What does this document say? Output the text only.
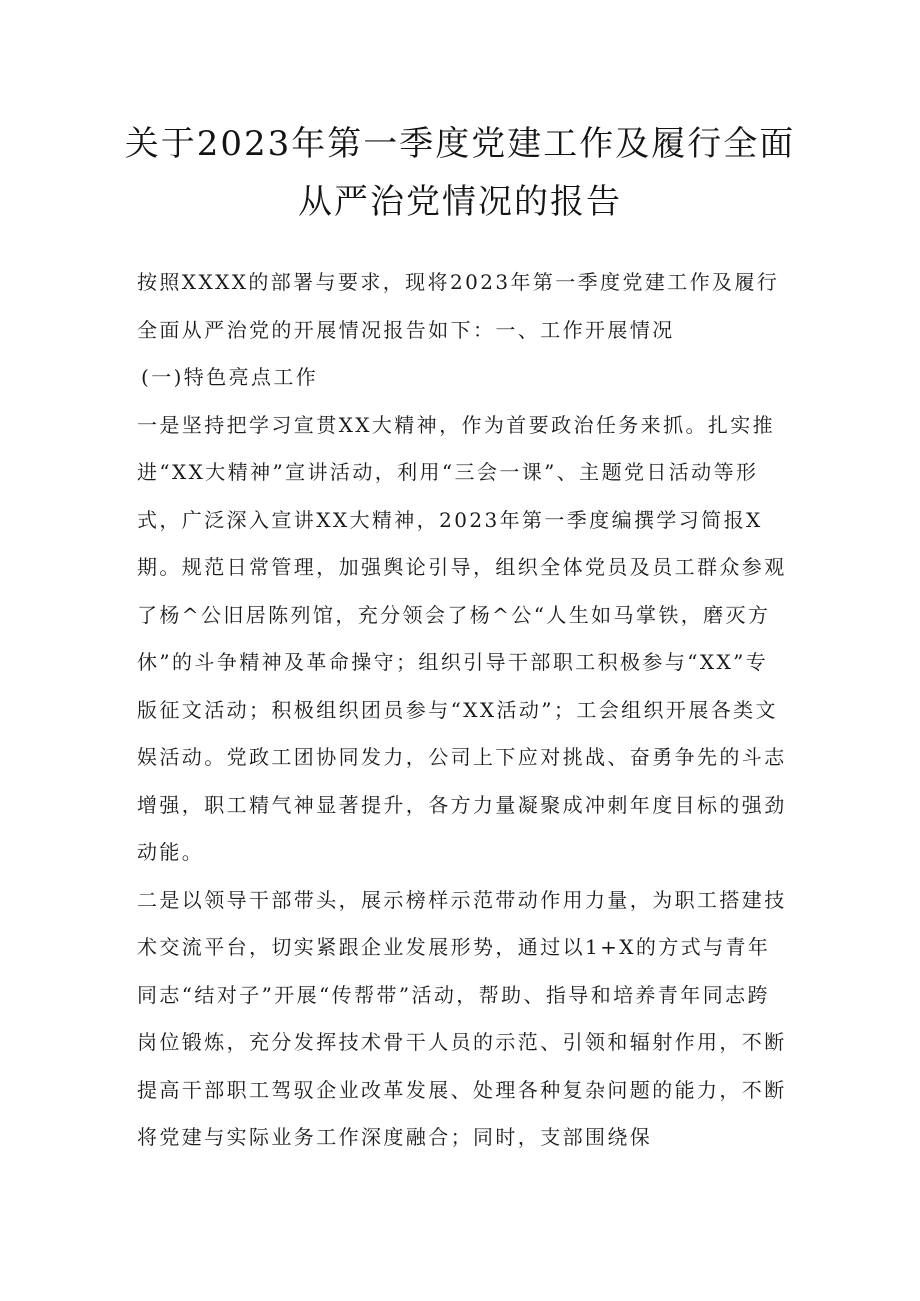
关于2023年第一季度党建工作及履行全面
从严治党情况的报告

按照XXXX的部署与要求，现将2023年第一季度党建工作及履行全面从严治党的开展情况报告如下：一、工作开展情况

(一)特色亮点工作

一是坚持把学习宣贯XX大精神，作为首要政治任务来抓。扎实推进“XX大精神”宣讲活动，利用“三会一课”、主题党日活动等形式，广泛深入宣讲XX大精神，2023年第一季度编撰学习简报X期。规范日常管理，加强舆论引导，组织全体党员及员工群众参观了杨^公旧居陈列馆，充分领会了杨^公“人生如马掌铁，磨灭方休”的斗争精神及革命操守；组织引导干部职工积极参与“XX”专版征文活动；积极组织团员参与“XX活动”；工会组织开展各类文娱活动。党政工团协同发力，公司上下应对挑战、奋勇争先的斗志增强，职工精气神显著提升，各方力量凝聚成冲刺年度目标的强劲动能。

二是以领导干部带头，展示榜样示范带动作用力量，为职工搭建技术交流平台，切实紧跟企业发展形势，通过以1+X的方式与青年同志“结对子”开展“传帮带”活动，帮助、指导和培养青年同志跨岗位锻炼，充分发挥技术骨干人员的示范、引领和辐射作用，不断提高干部职工驾驭企业改革发展、处理各种复杂问题的能力，不断将党建与实际业务工作深度融合；同时，支部围绕保
